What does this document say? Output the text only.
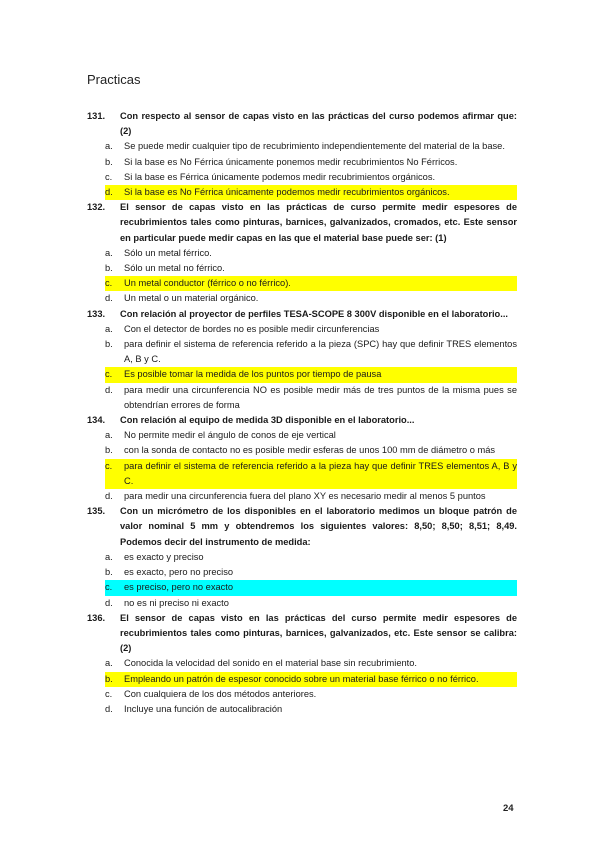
Practicas
131.	Con respecto al sensor de capas visto en las prácticas del curso podemos afirmar que: (2)
a.	Se puede medir cualquier tipo de recubrimiento independientemente del material de la base.
b.	Si la base es No Férrica únicamente ponemos medir recubrimientos No Férricos.
c.	Si la base es Férrica únicamente podemos medir recubrimientos orgánicos.
d.	Si la base es No Férrica únicamente podemos medir recubrimientos orgánicos.
132.	El sensor de capas visto en las prácticas de curso permite medir espesores de recubrimientos tales como pinturas, barnices, galvanizados, cromados, etc. Este sensor en particular puede medir capas en las que el material base puede ser: (1)
a.	Sólo un metal férrico.
b.	Sólo un metal no férrico.
c.	Un metal conductor (férrico o no férrico).
d.	Un metal o un material orgánico.
133.	Con relación al proyector de perfiles TESA-SCOPE 8 300V disponible en el laboratorio...
a.	Con el detector de bordes no es posible medir circunferencias
b.	para definir el sistema de referencia referido a la pieza (SPC) hay que definir TRES elementos A, B y C.
c.	Es posible tomar la medida de los puntos por tiempo de pausa
d.	para medir una circunferencia NO es posible medir más de tres puntos de la misma pues se obtendrían errores de forma
134.	Con relación al equipo de medida 3D disponible en el laboratorio...
a.	No permite medir el ángulo de conos de eje vertical
b.	con la sonda de contacto no es posible medir esferas de unos 100 mm de diámetro o más
c.	para definir el sistema de referencia referido a la pieza hay que definir TRES elementos A, B y C.
d.	para medir una circunferencia fuera del plano XY es necesario medir al menos 5 puntos
135.	Con un micrómetro de los disponibles en el laboratorio medimos un bloque patrón de valor nominal 5 mm y obtendremos los siguientes valores: 8,50; 8,50; 8,51; 8,49. Podemos decir del instrumento de medida:
a.	es exacto y preciso
b.	es exacto, pero no preciso
c.	es preciso, pero no exacto
d.	no es ni preciso ni exacto
136.	El sensor de capas visto en las prácticas del curso permite medir espesores de recubrimientos tales como pinturas, barnices, galvanizados, etc. Este sensor se calibra: (2)
a.	Conocida la velocidad del sonido en el material base sin recubrimiento.
b.	Empleando un patrón de espesor conocido sobre un material base férrico o no férrico.
c.	Con cualquiera de los dos métodos anteriores.
d.	Incluye una función de autocalibración
24
